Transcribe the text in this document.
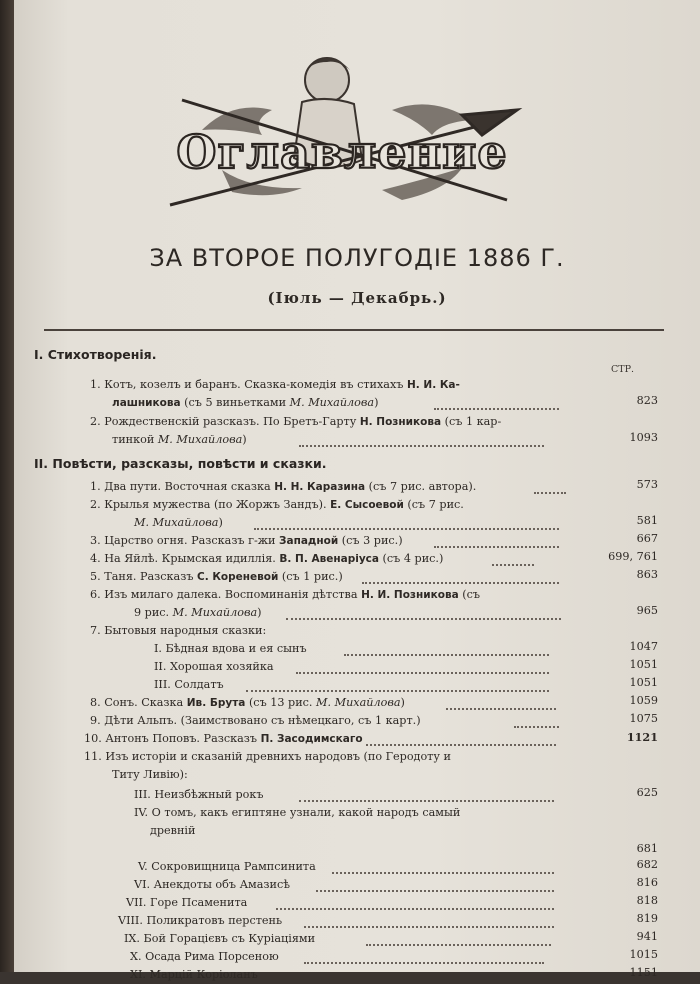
Оглавление
ЗА ВТОРОЕ ПОЛУГОДІЕ 1886 Г.
(Іюль — Декабрь.)
I. Стихотворенія.
СТР.
1. Котъ, козелъ и баранъ. Сказка-комедія въ стихахъ Н. И. Ка-
лашникова (съ 5 виньетками М. Михайлова)	823
2. Рождественскій разсказъ. По Бретъ-Гарту Н. Позникова (съ 1 кар-
тинкой М. Михайлова)	1093
II. Повѣсти, разсказы, повѣсти и сказки.
1. Два пути. Восточная сказка Н. Н. Каразина (съ 7 рис. автора).	573
2. Крылья мужества (по Жоржъ Зандъ). Е. Сысоевой (съ 7 рис.
М. Михайлова)	581
3. Царство огня. Разсказъ г-жи Западной (съ 3 рис.)	667
4. На Яйлѣ. Крымская идиллія. В. П. Авенаріуса (съ 4 рис.)	699, 761
5. Таня. Разсказъ С. Кореневой (съ 1 рис.)	863
6. Изъ милаго далека. Воспоминанія дѣтства Н. И. Позникова (съ
9 рис. М. Михайлова)	965
7. Бытовыя народныя сказки:
I. Бѣдная вдова и ея сынъ	1047
II. Хорошая хозяйка	1051
III. Солдатъ	1051
8. Сонъ. Сказка Ив. Брута (съ 13 рис. М. Михайлова)	1059
9. Дѣти Альпъ. (Заимствовано съ нѣмецкаго, съ 1 карт.)	1075
10. Антонъ Поповъ. Разсказъ П. Засодимскаго	1121
11. Изъ исторіи и сказаній древнихъ народовъ (по Геродоту и
Титу Ливію):
III. Неизбѣжный рокъ	625
IV. О томъ, какъ египтяне узнали, какой народъ самый
древній
681
V. Сокровищница Рампсинита	682
VI. Анекдоты объ Амазисѣ	816
VII. Горе Псаменита	818
VIII. Поликратовъ перстень	819
IX. Бой Горацієвъ съ Куріаціями	941
X. Осада Рима Порсеною	1015
XI. Марцій Коріоланъ	1151
